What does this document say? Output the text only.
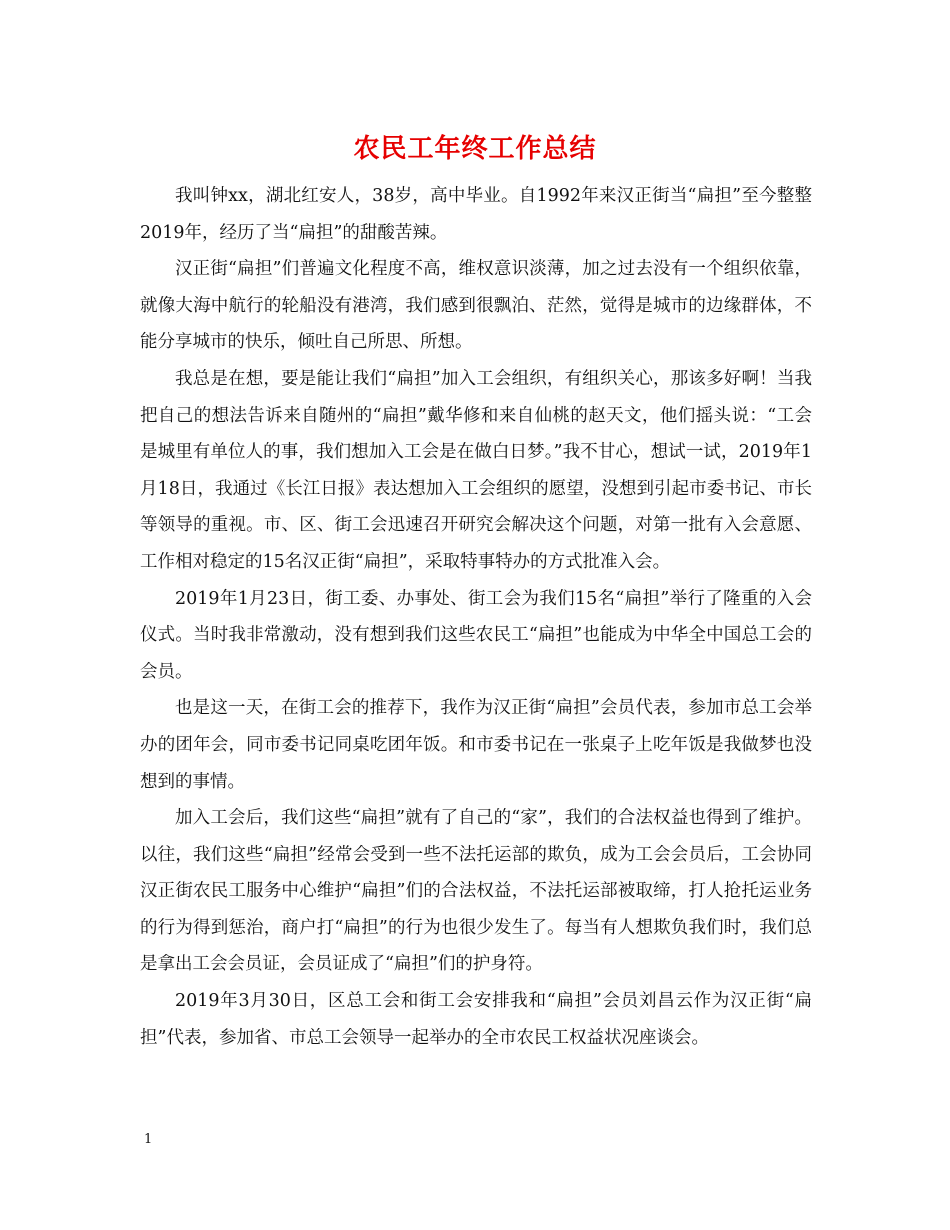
农民工年终工作总结

我叫钟xx，湖北红安人，38岁，高中毕业。自1992年来汉正街当“扁担”至今整整2019年，经历了当“扁担”的甜酸苦辣。

汉正街“扁担”们普遍文化程度不高，维权意识淡薄，加之过去没有一个组织依靠，就像大海中航行的轮船没有港湾，我们感到很飘泊、茫然，觉得是城市的边缘群体，不能分享城市的快乐，倾吐自己所思、所想。

我总是在想，要是能让我们“扁担”加入工会组织，有组织关心，那该多好啊！当我把自己的想法告诉来自随州的“扁担”戴华修和来自仙桃的赵天文，他们摇头说：“工会是城里有单位人的事，我们想加入工会是在做白日梦。”我不甘心，想试一试，2019年1月18日，我通过《长江日报》表达想加入工会组织的愿望，没想到引起市委书记、市长等领导的重视。市、区、街工会迅速召开研究会解决这个问题，对第一批有入会意愿、工作相对稳定的15名汉正街“扁担”，采取特事特办的方式批准入会。

2019年1月23日，街工委、办事处、街工会为我们15名“扁担”举行了隆重的入会仪式。当时我非常激动，没有想到我们这些农民工“扁担”也能成为中华全中国总工会的会员。

也是这一天，在街工会的推荐下，我作为汉正街“扁担”会员代表，参加市总工会举办的团年会，同市委书记同桌吃团年饭。和市委书记在一张桌子上吃年饭是我做梦也没想到的事情。

加入工会后，我们这些“扁担”就有了自己的“家”，我们的合法权益也得到了维护。以往，我们这些“扁担”经常会受到一些不法托运部的欺负，成为工会会员后，工会协同汉正街农民工服务中心维护“扁担”们的合法权益，不法托运部被取缔，打人抢托运业务的行为得到惩治，商户打“扁担”的行为也很少发生了。每当有人想欺负我们时，我们总是拿出工会会员证，会员证成了“扁担”们的护身符。

2019年3月30日，区总工会和街工会安排我和“扁担”会员刘昌云作为汉正街“扁担”代表，参加省、市总工会领导一起举办的全市农民工权益状况座谈会。

1
